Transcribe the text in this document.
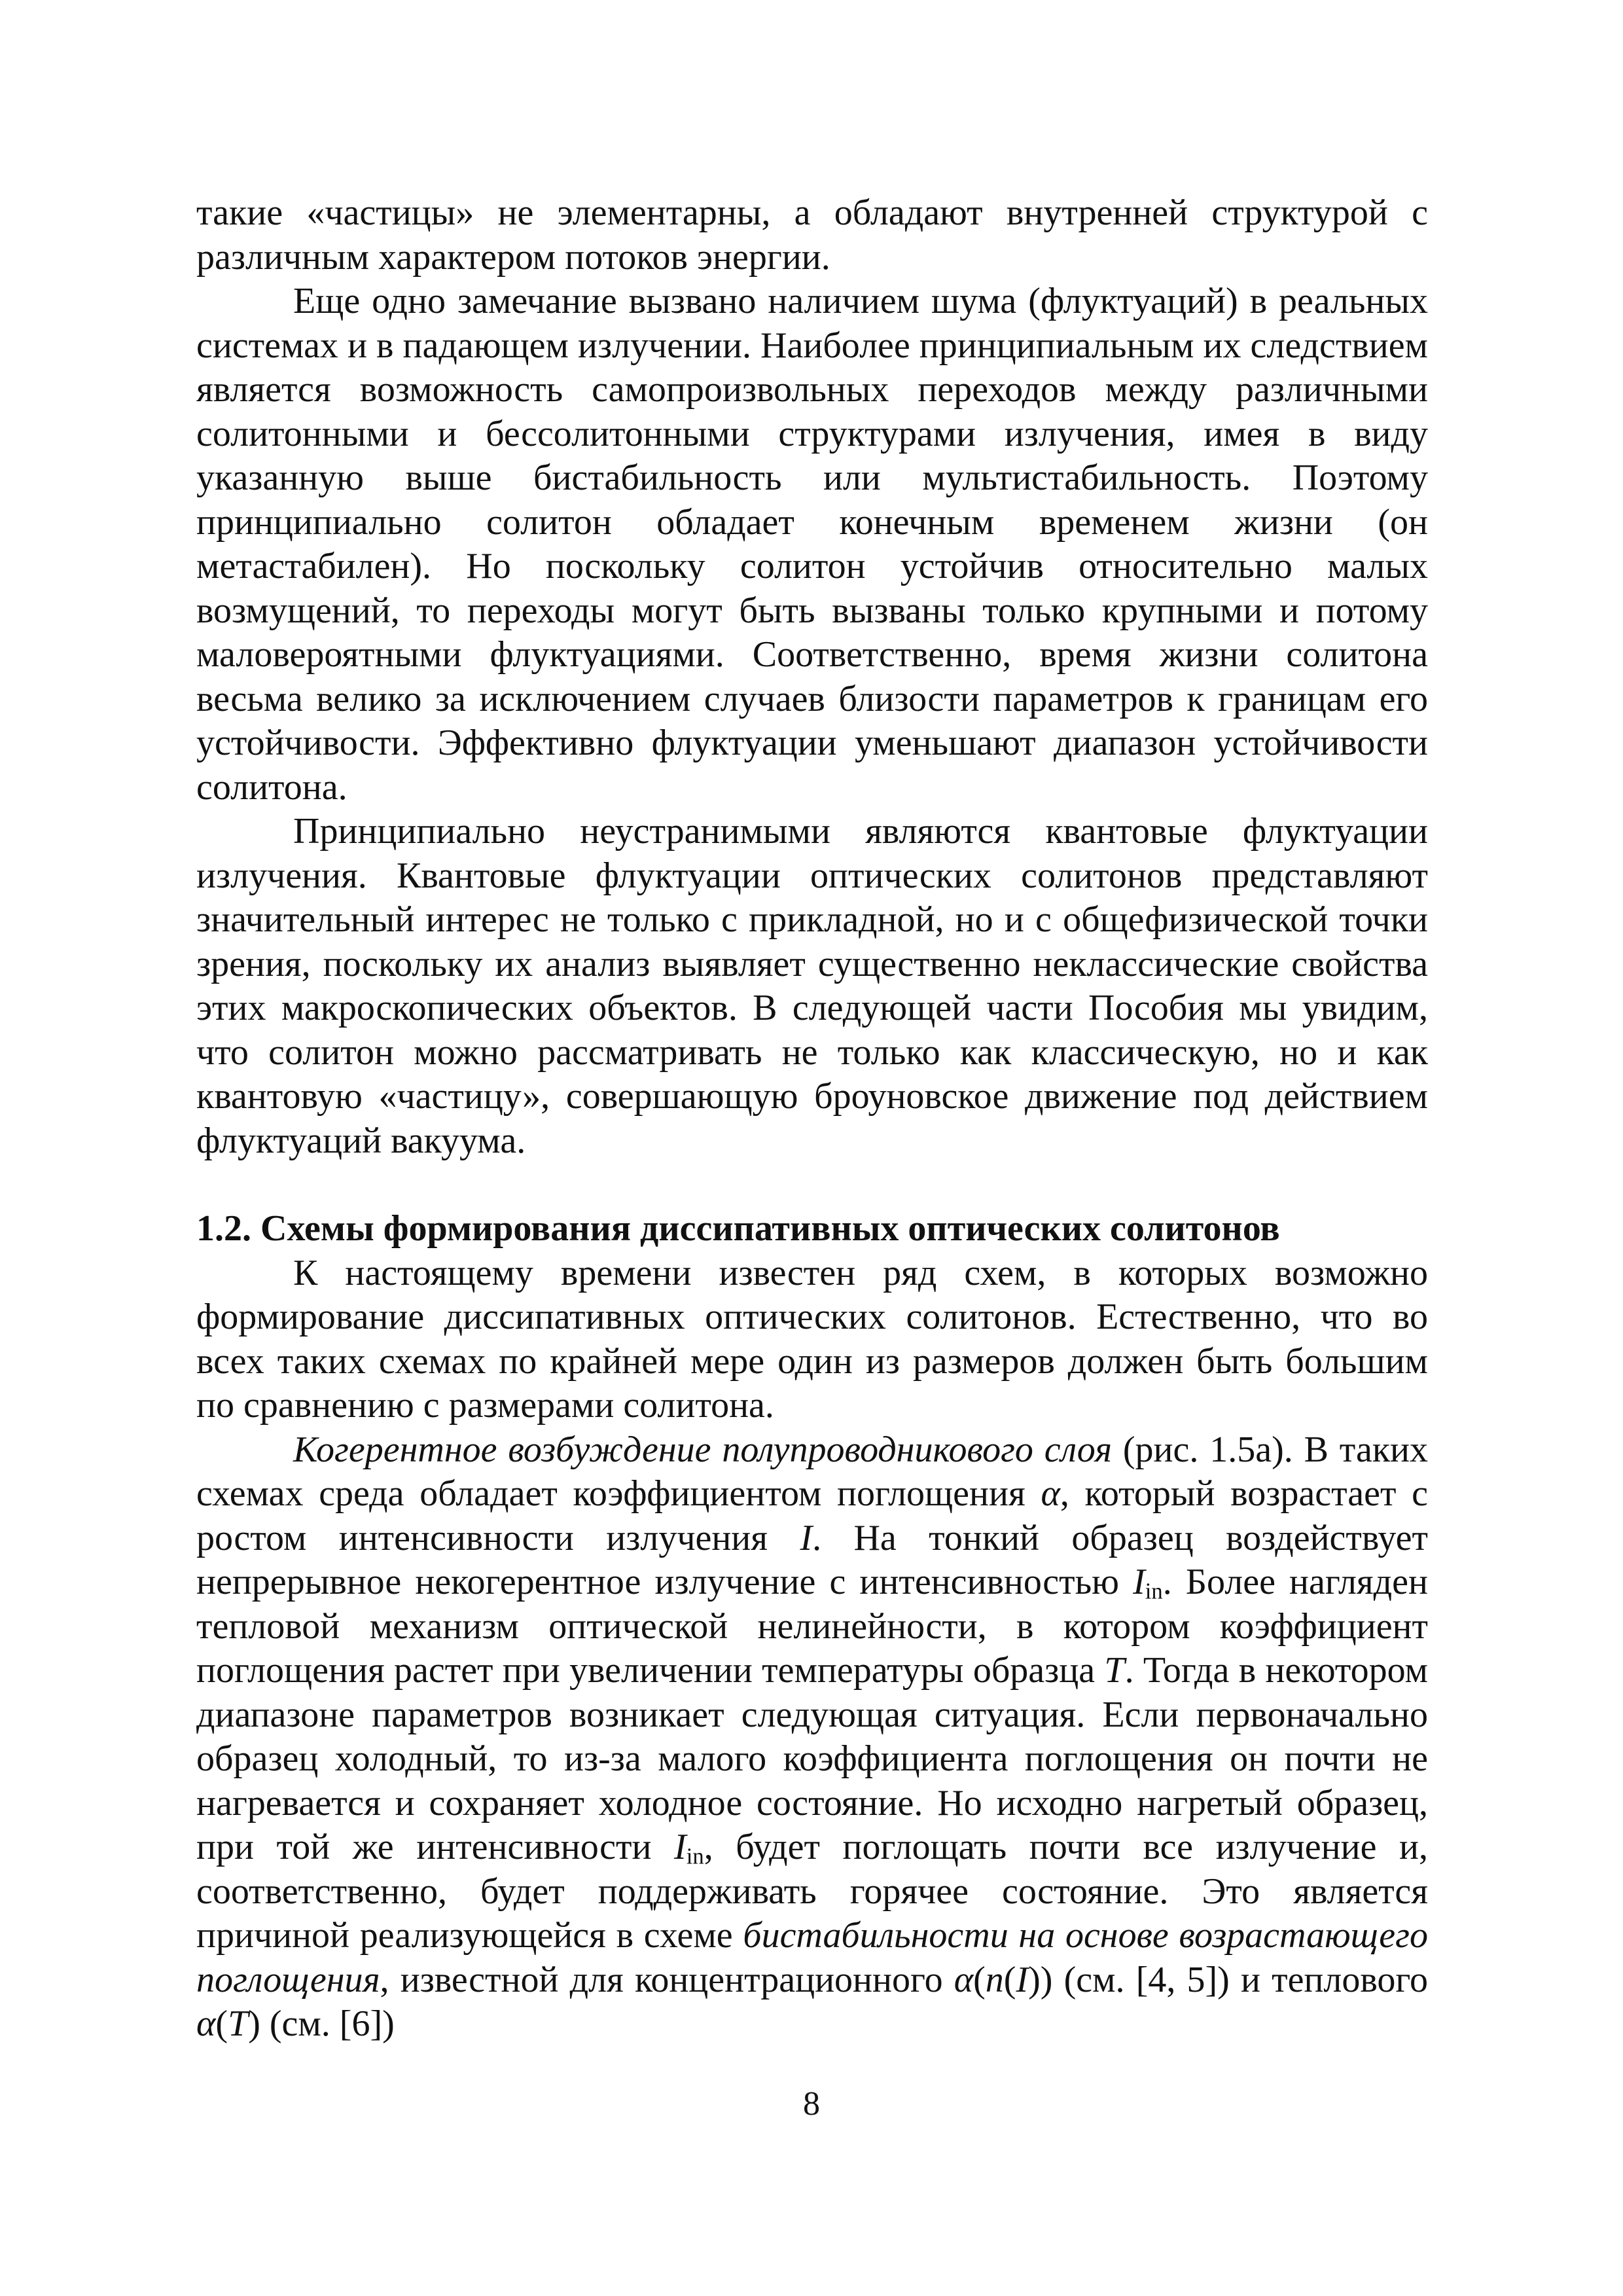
такие «частицы» не элементарны, а обладают внутренней структурой с различным характером потоков энергии.

Еще одно замечание вызвано наличием шума (флуктуаций) в реальных системах и в падающем излучении. Наиболее принципиальным их следствием является возможность самопроизвольных переходов между различными солитонными и бессолитонными структурами излучения, имея в виду указанную выше бистабильность или мультистабильность. Поэтому принципиально солитон обладает конечным временем жизни (он метастабилен). Но поскольку солитон устойчив относительно малых возмущений, то переходы могут быть вызваны только крупными и потому маловероятными флуктуациями. Соответственно, время жизни солитона весьма велико за исключением случаев близости параметров к границам его устойчивости. Эффективно флуктуации уменьшают диапазон устойчивости солитона.

Принципиально неустранимыми являются квантовые флуктуации излучения. Квантовые флуктуации оптических солитонов представляют значительный интерес не только с прикладной, но и с общефизической точки зрения, поскольку их анализ выявляет существенно неклассические свойства этих макроскопических объектов. В следующей части Пособия мы увидим, что солитон можно рассматривать не только как классическую, но и как квантовую «частицу», совершающую броуновское движение под действием флуктуаций вакуума.

1.2. Схемы формирования диссипативных оптических солитонов

К настоящему времени известен ряд схем, в которых возможно формирование диссипативных оптических солитонов. Естественно, что во всех таких схемах по крайней мере один из размеров должен быть большим по сравнению с размерами солитона.

Когерентное возбуждение полупроводникового слоя (рис. 1.5а). В таких схемах среда обладает коэффициентом поглощения α, который возрастает с ростом интенсивности излучения I. На тонкий образец воздействует непрерывное некогерентное излучение с интенсивностью $I_{in}$. Более нагляден тепловой механизм оптической нелинейности, в котором коэффициент поглощения растет при увеличении температуры образца T. Тогда в некотором диапазоне параметров возникает следующая ситуация. Если первоначально образец холодный, то из-за малого коэффициента поглощения он почти не нагревается и сохраняет холодное состояние. Но исходно нагретый образец, при той же интенсивности $I_{in}$, будет поглощать почти все излучение и, соответственно, будет поддерживать горячее состояние. Это является причиной реализующейся в схеме бистабильности на основе возрастающего поглощения, известной для концентрационного α(n(I)) (см. [4, 5]) и теплового α(T) (см. [6])

8
